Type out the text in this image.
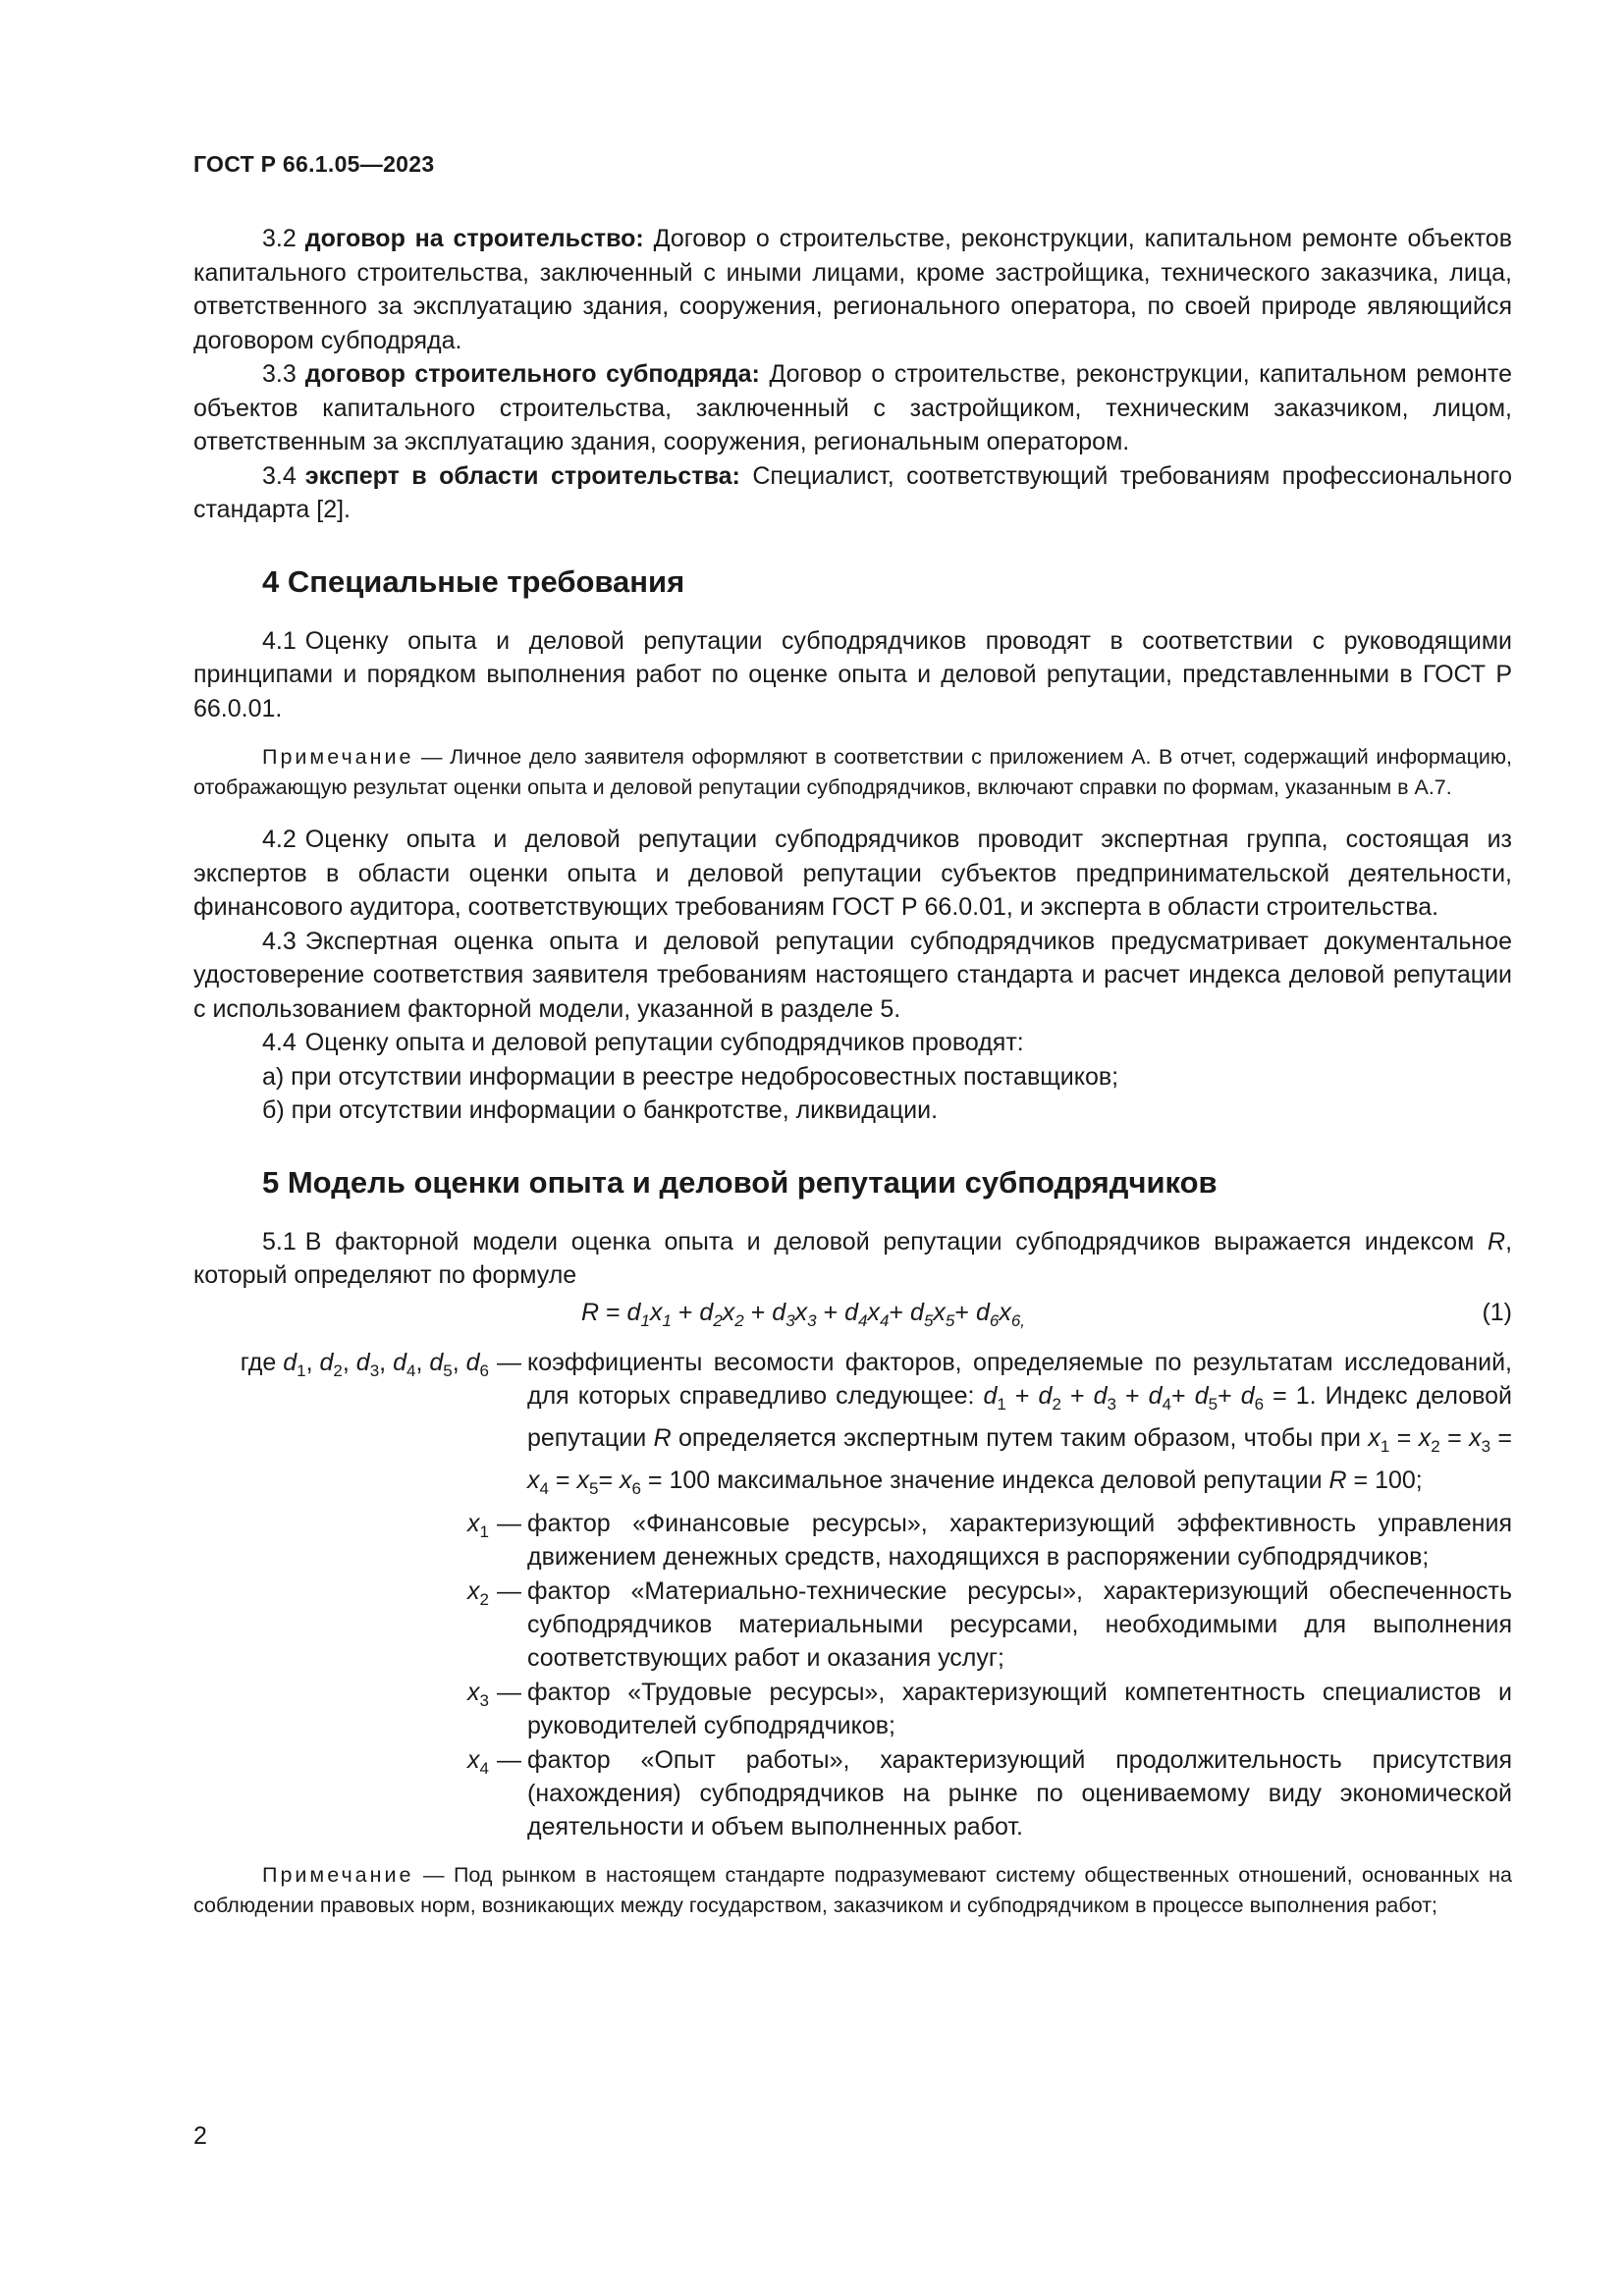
ГОСТ Р 66.1.05—2023

3.2 договор на строительство: Договор о строительстве, реконструкции, капитальном ремонте объектов капитального строительства, заключенный с иными лицами, кроме застройщика, технического заказчика, лица, ответственного за эксплуатацию здания, сооружения, регионального оператора, по своей природе являющийся договором субподряда.

3.3 договор строительного субподряда: Договор о строительстве, реконструкции, капитальном ремонте объектов капитального строительства, заключенный с застройщиком, техническим заказчиком, лицом, ответственным за эксплуатацию здания, сооружения, региональным оператором.

3.4 эксперт в области строительства: Специалист, соответствующий требованиям профессионального стандарта [2].

4 Специальные требования

4.1 Оценку опыта и деловой репутации субподрядчиков проводят в соответствии с руководящими принципами и порядком выполнения работ по оценке опыта и деловой репутации, представленными в ГОСТ Р 66.0.01.

Примечание — Личное дело заявителя оформляют в соответствии с приложением А. В отчет, содержащий информацию, отображающую результат оценки опыта и деловой репутации субподрядчиков, включают справки по формам, указанным в А.7.

4.2 Оценку опыта и деловой репутации субподрядчиков проводит экспертная группа, состоящая из экспертов в области оценки опыта и деловой репутации субъектов предпринимательской деятельности, финансового аудитора, соответствующих требованиям ГОСТ Р 66.0.01, и эксперта в области строительства.

4.3 Экспертная оценка опыта и деловой репутации субподрядчиков предусматривает документальное удостоверение соответствия заявителя требованиям настоящего стандарта и расчет индекса деловой репутации с использованием факторной модели, указанной в разделе 5.

4.4 Оценку опыта и деловой репутации субподрядчиков проводят:

а) при отсутствии информации в реестре недобросовестных поставщиков;

б) при отсутствии информации о банкротстве, ликвидации.

5 Модель оценки опыта и деловой репутации субподрядчиков

5.1 В факторной модели оценка опыта и деловой репутации субподрядчиков выражается индексом R, который определяют по формуле

$R = d_1x_1 + d_2x_2 + d_3x_3 + d_4x_4+ d_5x_5+ d_6x_{6,}$	(1)
где $d_1$, $d_2$, $d_3$, $d_4$, $d_5$, $d_6$ — коэффициенты весомости факторов, определяемые по результатам исследований, для которых справедливо следующее: $d_1 + d_2 + d_3 + d_4+ d_5+ d_6 = 1$. Индекс деловой репутации R определяется экспертным путем таким образом, чтобы при $x_1 = x_2 = x_3 = x_4 = x_5= x_6 = 100$ максимальное значение индекса деловой репутации R = 100;
$x_1$ — фактор «Финансовые ресурсы», характеризующий эффективность управления движением денежных средств, находящихся в распоряжении субподрядчиков;
$x_2$ — фактор «Материально-технические ресурсы», характеризующий обеспеченность субподрядчиков материальными ресурсами, необходимыми для выполнения соответствующих работ и оказания услуг;
$x_3$ — фактор «Трудовые ресурсы», характеризующий компетентность специалистов и руководителей субподрядчиков;
$x_4$ — фактор «Опыт работы», характеризующий продолжительность присутствия (нахождения) субподрядчиков на рынке по оцениваемому виду экономической деятельности и объем выполненных работ.
Примечание — Под рынком в настоящем стандарте подразумевают систему общественных отношений, основанных на соблюдении правовых норм, возникающих между государством, заказчиком и субподрядчиком в процессе выполнения работ;
2
